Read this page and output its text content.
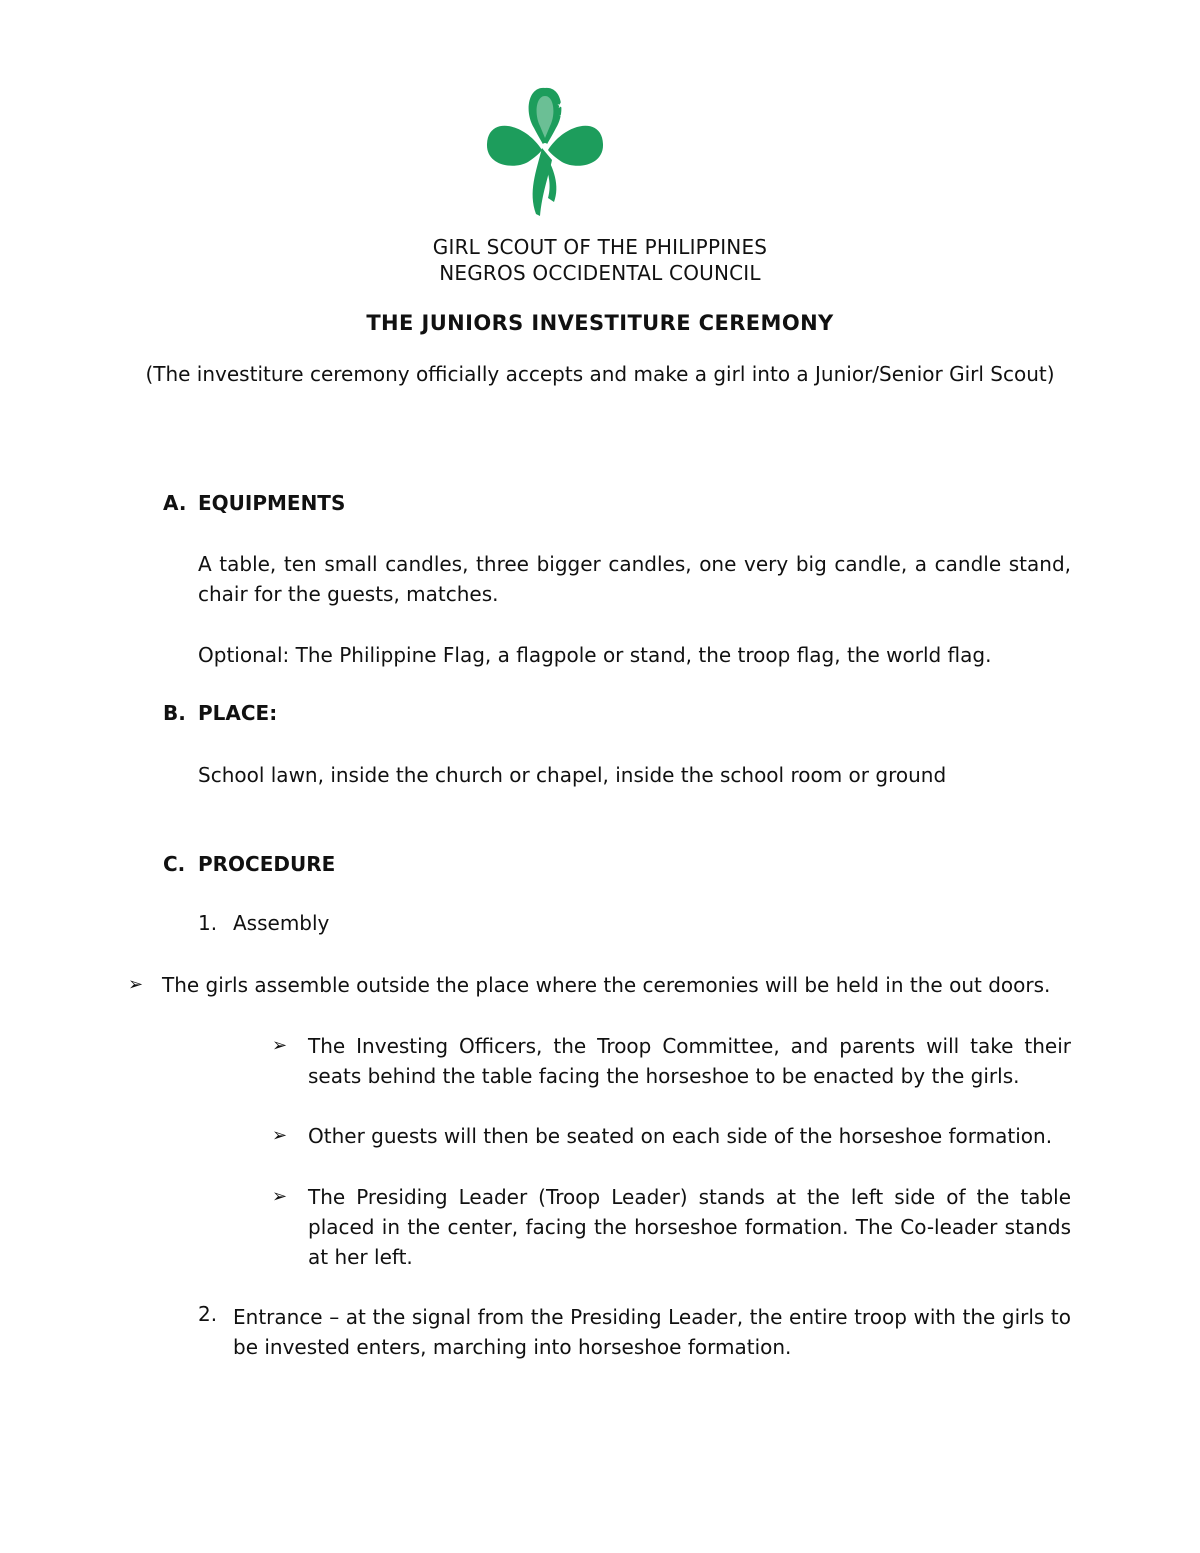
★
★
★
GIRL SCOUT OF THE PHILIPPINES
NEGROS OCCIDENTAL COUNCIL
THE JUNIORS INVESTITURE CEREMONY
(The investiture ceremony officially accepts and make a girl into a Junior/Senior Girl Scout)
A. EQUIPMENTS
A table, ten small candles, three bigger candles, one very big candle, a candle stand, chair for the guests, matches.
Optional: The Philippine Flag, a flagpole or stand, the troop flag, the world flag.
B. PLACE:
School lawn, inside the church or chapel, inside the school room or ground
C. PROCEDURE
1. Assembly
➢ The girls assemble outside the place where the ceremonies will be held in the out doors.
➢ The Investing Officers, the Troop Committee, and parents will take their seats behind the table facing the horseshoe to be enacted by the girls.
➢ Other guests will then be seated on each side of the horseshoe formation.
➢ The Presiding Leader (Troop Leader) stands at the left side of the table placed in the center, facing the horseshoe formation. The Co-leader stands at her left.
2. Entrance – at the signal from the Presiding Leader, the entire troop with the girls to be invested enters, marching into horseshoe formation.
